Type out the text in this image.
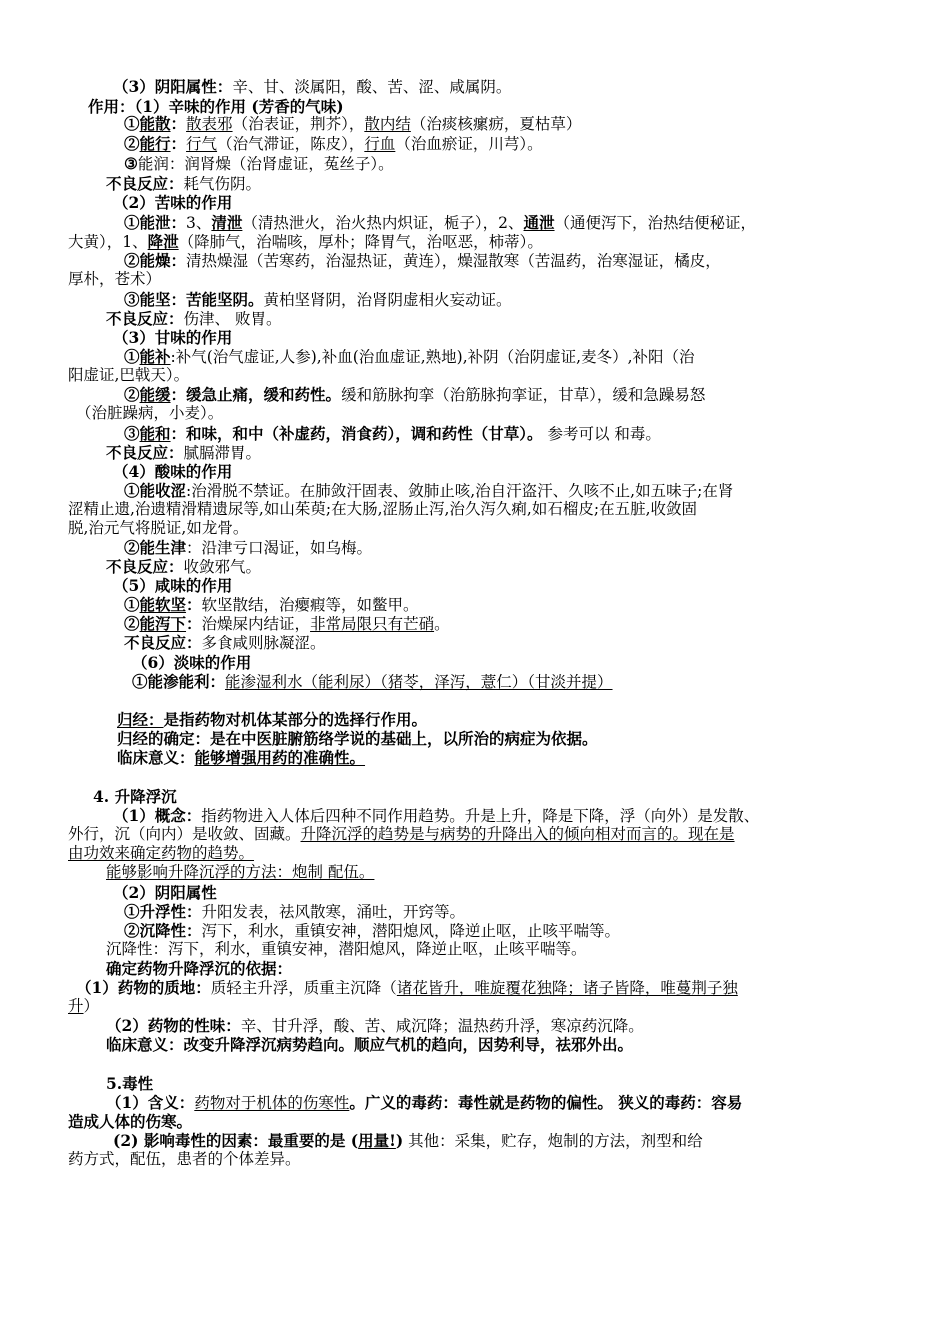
（3）阴阳属性：辛、甘、淡属阳，酸、苦、涩、咸属阴。
作用：（1）辛味的作用 (芳香的气味)
①能散：散表邪（治表证，荆芥），散内结（治痰核瘰疬，夏枯草）
②能行：行气（治气滞证，陈皮），行血（治血瘀证，川芎）。
③能润：润肾燥（治肾虚证，菟丝子）。
不良反应：耗气伤阴。
（2）苦味的作用
①能泄：3、清泄（清热泄火，治火热内炽证，栀子），2、通泄（通便泻下，治热结便秘证，
大黄），1、降泄（降肺气，治喘咳，厚朴；降胃气，治呕恶，柿蒂）。
②能燥：清热燥湿（苦寒药，治湿热证，黄连），燥湿散寒（苦温药，治寒湿证，橘皮，
厚朴，苍术）
③能坚：苦能坚阴。黄柏坚肾阴，治肾阴虚相火妄动证。
不良反应：伤津、 败胃。
（3）甘味的作用
①能补:补气(治气虚证,人参),补血(治血虚证,熟地),补阴（治阴虚证,麦冬）,补阳（治
阳虚证,巴戟天）。
②能缓：缓急止痛，缓和药性。缓和筋脉拘挛（治筋脉拘挛证，甘草），缓和急躁易怒
（治脏躁病，小麦）。
③能和：和味，和中（补虚药，消食药），调和药性（甘草）。 参考可以 和毒。
不良反应：腻膈滞胃。
（4）酸味的作用
①能收涩:治滑脱不禁证。在肺敛汗固表、敛肺止咳,治自汗盗汗、久咳不止,如五味子;在肾
涩精止遗,治遗精滑精遗尿等,如山茱萸;在大肠,涩肠止泻,治久泻久痢,如石榴皮;在五脏,收敛固
脱,治元气将脱证,如龙骨。
②能生津：沿津亏口渴证，如乌梅。
不良反应：收敛邪气。
（5）咸味的作用
①能软坚：软坚散结，治瘿瘕等，如鳖甲。
②能泻下：治燥屎内结证，非常局限只有芒硝。
不良反应：多食咸则脉凝涩。
（6）淡味的作用
①能渗能利：能渗湿利水（能利尿）（猪苓，泽泻，薏仁）（甘淡并提）
归经：是指药物对机体某部分的选择行作用。
归经的确定：是在中医脏腑筋络学说的基础上，以所治的病症为依据。
临床意义：能够增强用药的准确性。
4. 升降浮沉
（1）概念：指药物进入人体后四种不同作用趋势。升是上升，降是下降，浮（向外）是发散、
外行，沉（向内）是收敛、固藏。升降沉浮的趋势是与病势的升降出入的倾向相对而言的。现在是
由功效来确定药物的趋势。
能够影响升降沉浮的方法：炮制 配伍。
（2）阴阳属性
①升浮性：升阳发表，祛风散寒，涌吐，开窍等。
②沉降性：泻下，利水，重镇安神，潜阳熄风，降逆止呕，止咳平喘等。
沉降性：泻下，利水，重镇安神，潜阳熄风，降逆止呕，止咳平喘等。
确定药物升降浮沉的依据：
（1）药物的质地：质轻主升浮，质重主沉降（诸花皆升，唯旋覆花独降；诸子皆降，唯蔓荆子独
升）
（2）药物的性味：辛、甘升浮，酸、苦、咸沉降；温热药升浮，寒凉药沉降。
临床意义：改变升降浮沉病势趋向。顺应气机的趋向，因势利导，祛邪外出。
5.毒性
（1）含义：药物对于机体的伤寒性。广义的毒药：毒性就是药物的偏性。 狭义的毒药：容易
造成人体的伤寒。
(2) 影响毒性的因素：最重要的是 (用量!) 其他：采集，贮存，炮制的方法，剂型和给
药方式，配伍，患者的个体差异。
